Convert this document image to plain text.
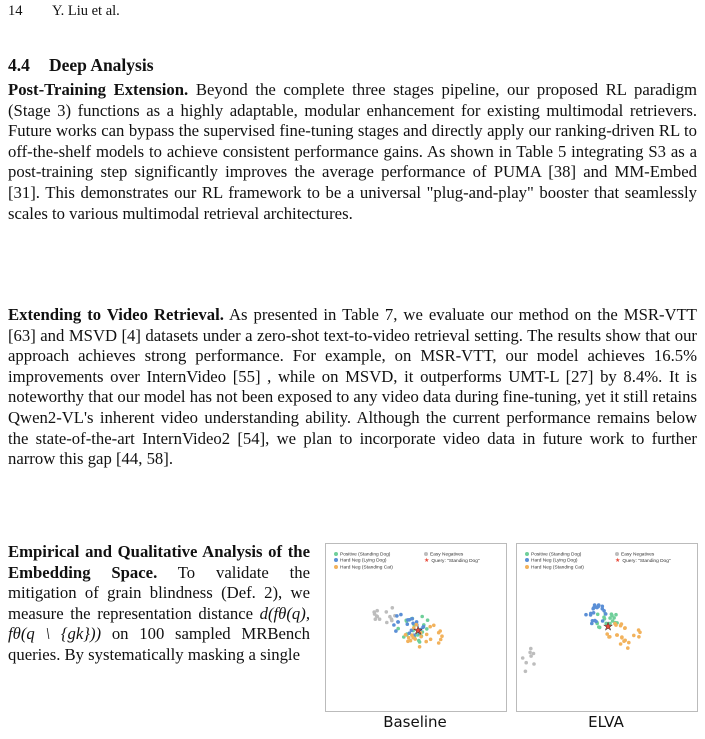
14 Y. Liu et al.
4.4 Deep Analysis

Post-Training Extension. Beyond the complete three stages pipeline, our proposed RL paradigm (Stage 3) functions as a highly adaptable, modular enhancement for existing multimodal retrievers. Future works can bypass the supervised fine-tuning stages and directly apply our ranking-driven RL to off-the-shelf models to achieve consistent performance gains. As shown in Table 5 integrating S3 as a post-training step significantly improves the average performance of PUMA [38] and MM-Embed [31]. This demonstrates our RL framework to be a universal "plug-and-play" booster that seamlessly scales to various multimodal retrieval architectures.

Extending to Video Retrieval. As presented in Table 7, we evaluate our method on the MSR-VTT [63] and MSVD [4] datasets under a zero-shot text-to-video retrieval setting. The results show that our approach achieves strong performance. For example, on MSR-VTT, our model achieves 16.5% improvements over InternVideo [55] , while on MSVD, it outperforms UMT-L [27] by 8.4%. It is noteworthy that our model has not been exposed to any video data during fine-tuning, yet it still retains Qwen2-VL's inherent video understanding ability. Although the current performance remains below the state-of-the-art InternVideo2 [54], we plan to incorporate video data in future work to further narrow this gap [44, 58].

Empirical and Qualitative Analysis of the Embedding Space. To validate the mitigation of grain blindness (Def. 2), we measure the representation distance d(fθ(q), fθ(q \ {gk})) on 100 sampled MRBench queries. By systematically masking a single

Positive (Standing Dog)
Hard Neg (Lying Dog)
Hard Neg (Standing Cat)
Easy Negatives
★ Query: "Standing Dog"
★
Baseline
Positive (Standing Dog)
Hard Neg (Lying Dog)
Hard Neg (Standing Cat)
Easy Negatives
★ Query: "Standing Dog"
★
ELVA
